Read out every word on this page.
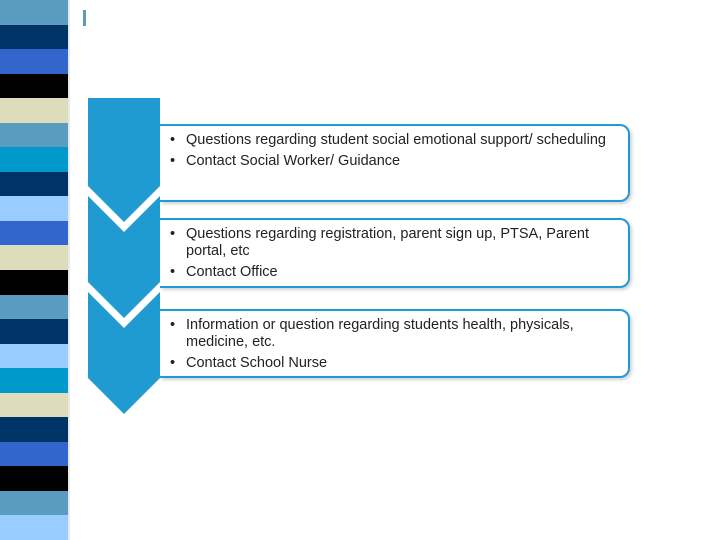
• Questions regarding student social emotional support/ scheduling
• Contact Social Worker/ Guidance
• Questions regarding registration, parent sign up, PTSA, Parent portal, etc
• Contact Office
• Information or question regarding students health, physicals, medicine, etc.
• Contact School Nurse
